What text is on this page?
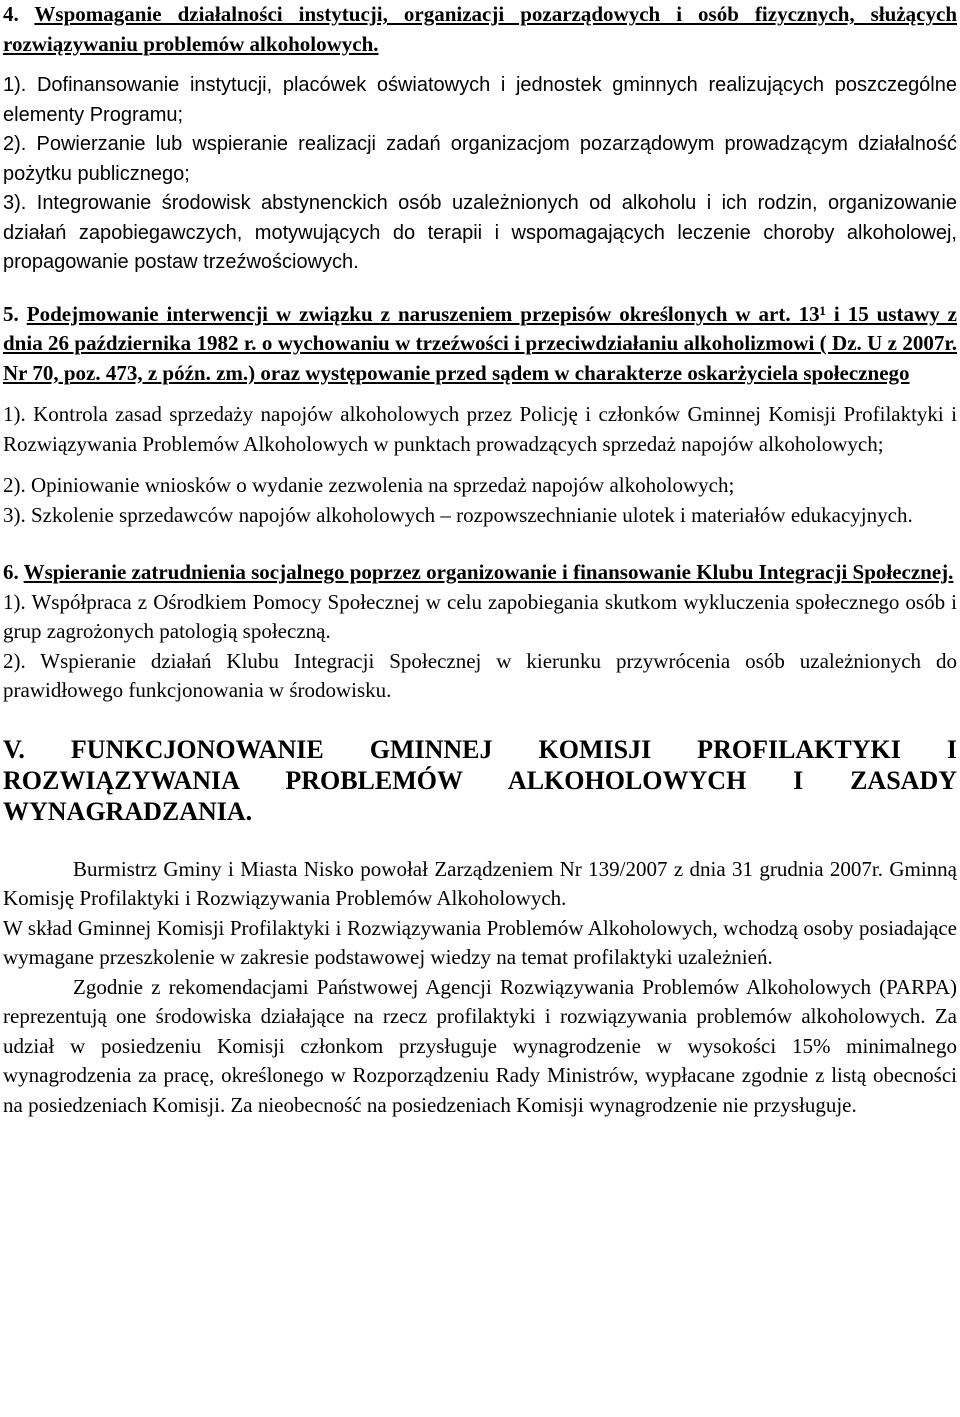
4. Wspomaganie działalności instytucji, organizacji pozarządowych i osób fizycznych, służących rozwiązywaniu problemów alkoholowych.

1). Dofinansowanie instytucji, placówek oświatowych i jednostek gminnych realizujących poszczególne elementy Programu;

2). Powierzanie lub wspieranie realizacji zadań organizacjom pozarządowym prowadzącym działalność pożytku publicznego;

3). Integrowanie środowisk abstynenckich osób uzależnionych od alkoholu i ich rodzin, organizowanie działań zapobiegawczych, motywujących do terapii i wspomagających leczenie choroby alkoholowej, propagowanie postaw trzeźwościowych.

5. Podejmowanie interwencji w związku z naruszeniem przepisów określonych w art. 13¹ i 15 ustawy z dnia 26 października 1982 r. o wychowaniu w trzeźwości i przeciwdziałaniu alkoholizmowi ( Dz. U z 2007r. Nr 70, poz. 473, z późn. zm.) oraz występowanie przed sądem w charakterze oskarżyciela społecznego

1). Kontrola zasad sprzedaży napojów alkoholowych przez Policję i członków Gminnej Komisji Profilaktyki i Rozwiązywania Problemów Alkoholowych w punktach prowadzących sprzedaż napojów alkoholowych;

2). Opiniowanie wniosków o wydanie zezwolenia na sprzedaż napojów alkoholowych;

3). Szkolenie sprzedawców napojów alkoholowych – rozpowszechnianie ulotek i materiałów edukacyjnych.

6. Wspieranie zatrudnienia socjalnego poprzez organizowanie i finansowanie Klubu Integracji Społecznej.

1). Współpraca z Ośrodkiem Pomocy Społecznej w celu zapobiegania skutkom wykluczenia społecznego osób i grup zagrożonych patologią społeczną.

2). Wspieranie działań Klubu Integracji Społecznej w kierunku przywrócenia osób uzależnionych do prawidłowego funkcjonowania w środowisku.

V. FUNKCJONOWANIE GMINNEJ KOMISJI PROFILAKTYKI I ROZWIĄZYWANIA PROBLEMÓW ALKOHOLOWYCH I ZASADY WYNAGRADZANIA.

Burmistrz Gminy i Miasta Nisko powołał Zarządzeniem Nr 139/2007 z dnia 31 grudnia 2007r. Gminną Komisję Profilaktyki i Rozwiązywania Problemów Alkoholowych.

W skład Gminnej Komisji Profilaktyki i Rozwiązywania Problemów Alkoholowych, wchodzą osoby posiadające wymagane przeszkolenie w zakresie podstawowej wiedzy na temat profilaktyki uzależnień.

Zgodnie z rekomendacjami Państwowej Agencji Rozwiązywania Problemów Alkoholowych (PARPA) reprezentują one środowiska działające na rzecz profilaktyki i rozwiązywania problemów alkoholowych. Za udział w posiedzeniu Komisji członkom przysługuje wynagrodzenie w wysokości 15% minimalnego wynagrodzenia za pracę, określonego w Rozporządzeniu Rady Ministrów, wypłacane zgodnie z listą obecności na posiedzeniach Komisji. Za nieobecność na posiedzeniach Komisji wynagrodzenie nie przysługuje.
